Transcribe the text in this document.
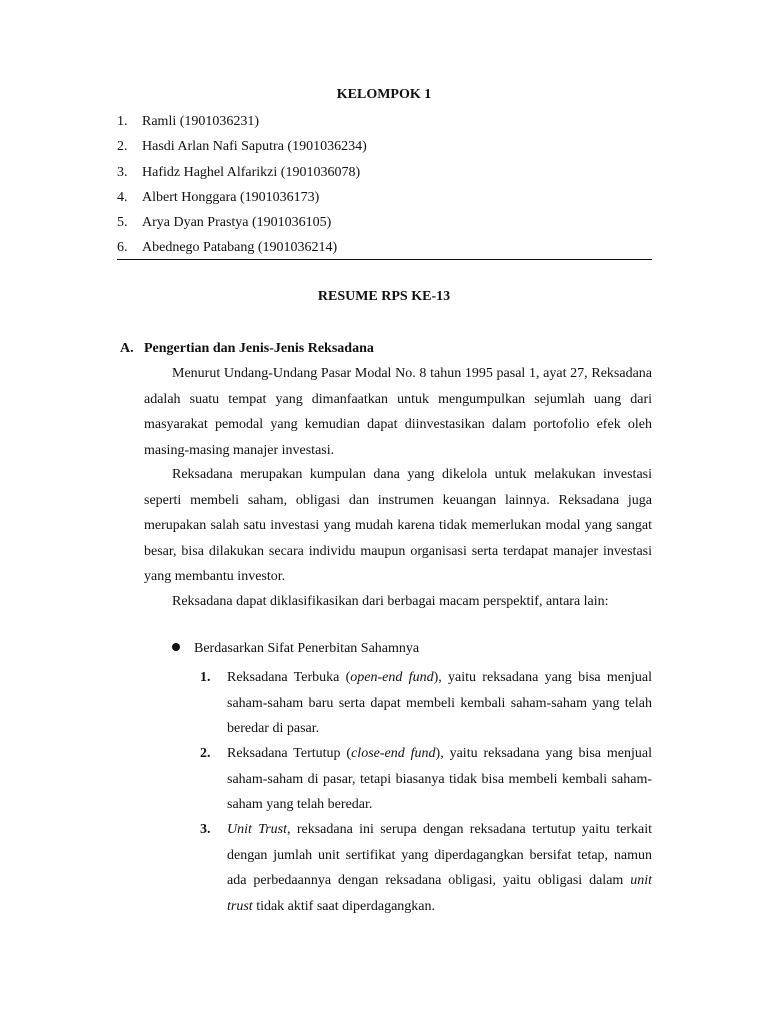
KELOMPOK 1
1. Ramli (1901036231)
2. Hasdi Arlan Nafi Saputra (1901036234)
3. Hafidz Haghel Alfarikzi (1901036078)
4. Albert Honggara (1901036173)
5. Arya Dyan Prastya (1901036105)
6. Abednego Patabang (1901036214)
RESUME RPS KE-13
A. Pengertian dan Jenis-Jenis Reksadana
Menurut Undang-Undang Pasar Modal No. 8 tahun 1995 pasal 1, ayat 27, Reksadana adalah suatu tempat yang dimanfaatkan untuk mengumpulkan sejumlah uang dari masyarakat pemodal yang kemudian dapat diinvestasikan dalam portofolio efek oleh masing-masing manajer investasi.
Reksadana merupakan kumpulan dana yang dikelola untuk melakukan investasi seperti membeli saham, obligasi dan instrumen keuangan lainnya. Reksadana juga merupakan salah satu investasi yang mudah karena tidak memerlukan modal yang sangat besar, bisa dilakukan secara individu maupun organisasi serta terdapat manajer investasi yang membantu investor.
Reksadana dapat diklasifikasikan dari berbagai macam perspektif, antara lain:
Berdasarkan Sifat Penerbitan Sahamnya
1. Reksadana Terbuka (open-end fund), yaitu reksadana yang bisa menjual saham-saham baru serta dapat membeli kembali saham-saham yang telah beredar di pasar.
2. Reksadana Tertutup (close-end fund), yaitu reksadana yang bisa menjual saham-saham di pasar, tetapi biasanya tidak bisa membeli kembali saham-saham yang telah beredar.
3. Unit Trust, reksadana ini serupa dengan reksadana tertutup yaitu terkait dengan jumlah unit sertifikat yang diperdagangkan bersifat tetap, namun ada perbedaannya dengan reksadana obligasi, yaitu obligasi dalam unit trust tidak aktif saat diperdagangkan.
